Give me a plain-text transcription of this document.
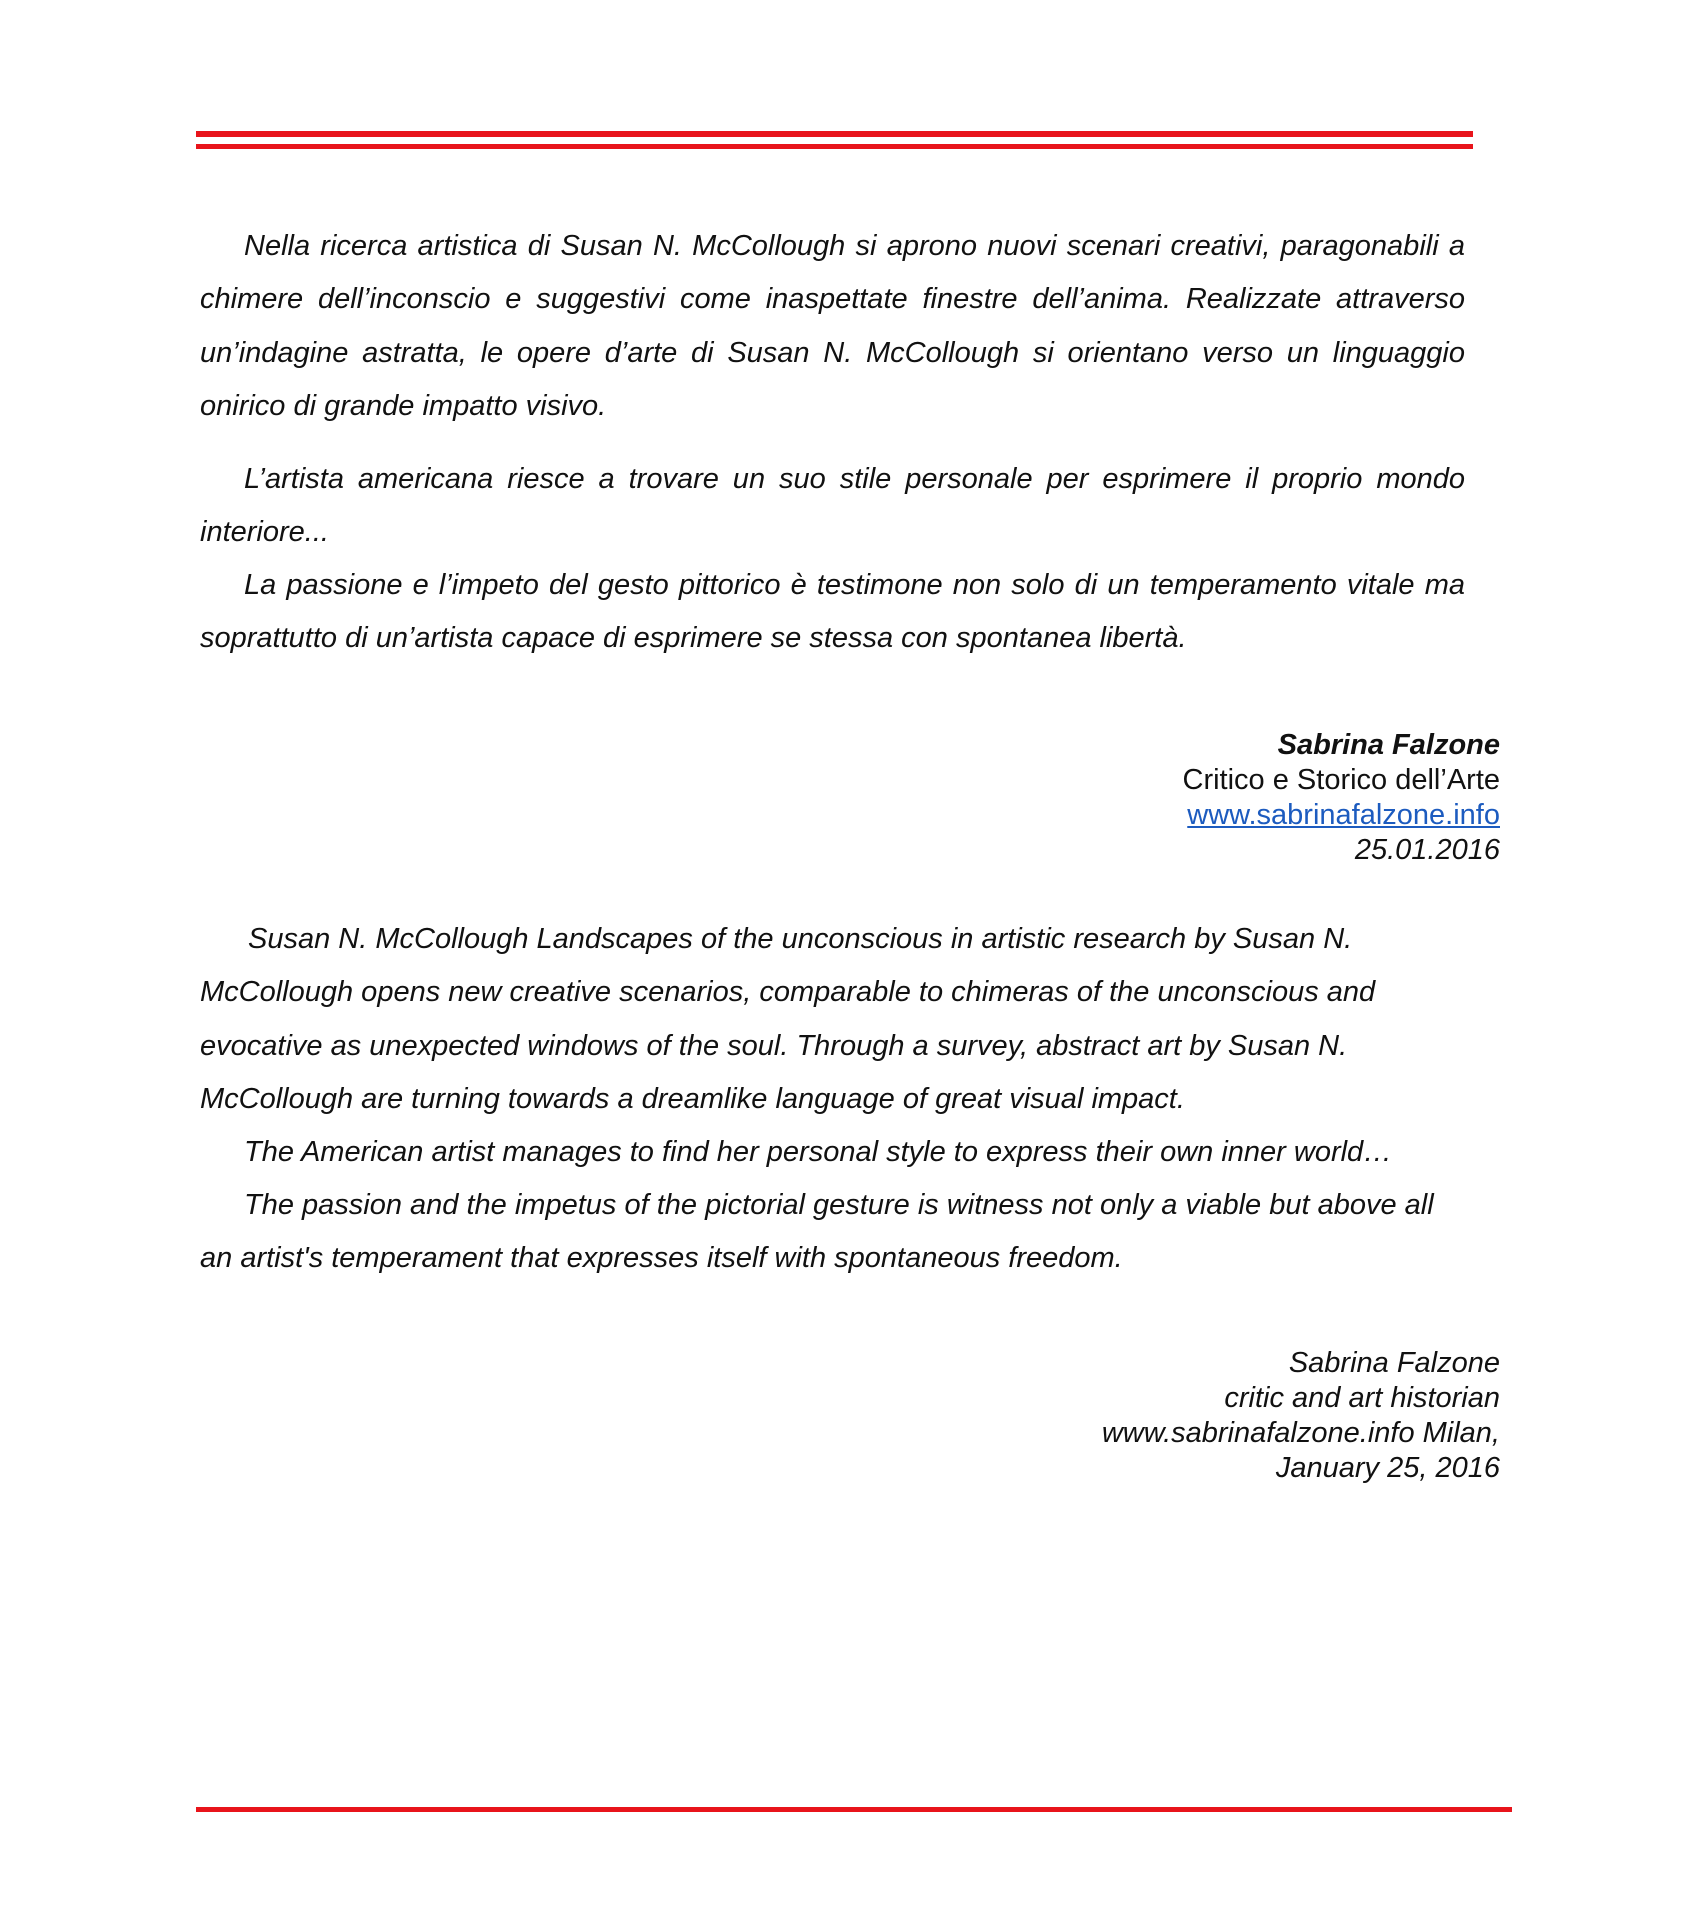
Nella ricerca artistica di Susan N. McCollough si aprono nuovi scenari creativi, paragonabili a chimere dell’inconscio e suggestivi come inaspettate finestre dell’anima. Realizzate attraverso un’indagine astratta, le opere d’arte di Susan N. McCollough si orientano verso un linguaggio onirico di grande impatto visivo.

L’artista americana riesce a trovare un suo stile personale per esprimere il proprio mondo interiore...

La passione e l’impeto del gesto pittorico è testimone non solo di un temperamento vitale ma soprattutto di un’artista capace di esprimere se stessa con spontanea libertà.

Sabrina Falzone
Critico e Storico dell’Arte
www.sabrinafalzone.info
25.01.2016

Susan N. McCollough Landscapes of the unconscious in artistic research by Susan N. McCollough opens new creative scenarios, comparable to chimeras of the unconscious and evocative as unexpected windows of the soul. Through a survey, abstract art by Susan N. McCollough are turning towards a dreamlike language of great visual impact.

The American artist manages to find her personal style to express their own inner world…

The passion and the impetus of the pictorial gesture is witness not only a viable but above all an artist's temperament that expresses itself with spontaneous freedom.

Sabrina Falzone
critic and art historian
www.sabrinafalzone.info Milan,
January 25, 2016
